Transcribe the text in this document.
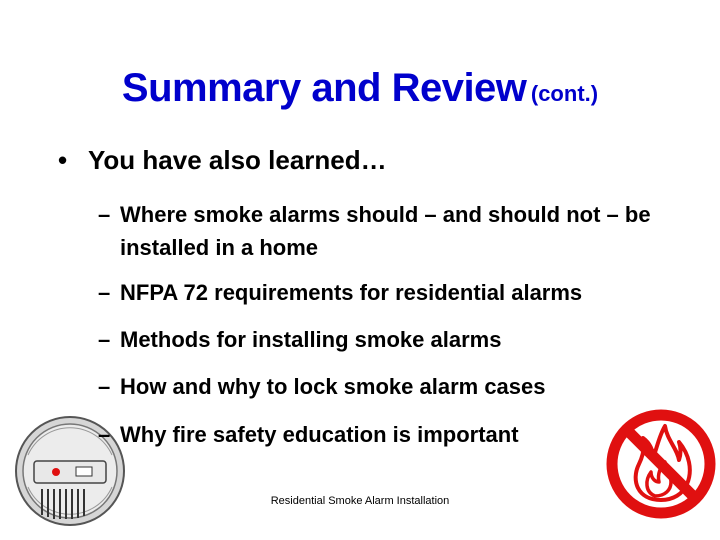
Summary and Review (cont.)
• You have also learned…
– Where smoke alarms should – and should not – be installed in a home
– NFPA 72 requirements for residential alarms
– Methods for installing smoke alarms
– How and why to lock smoke alarm cases
– Why fire safety education is important
Residential Smoke Alarm Installation
